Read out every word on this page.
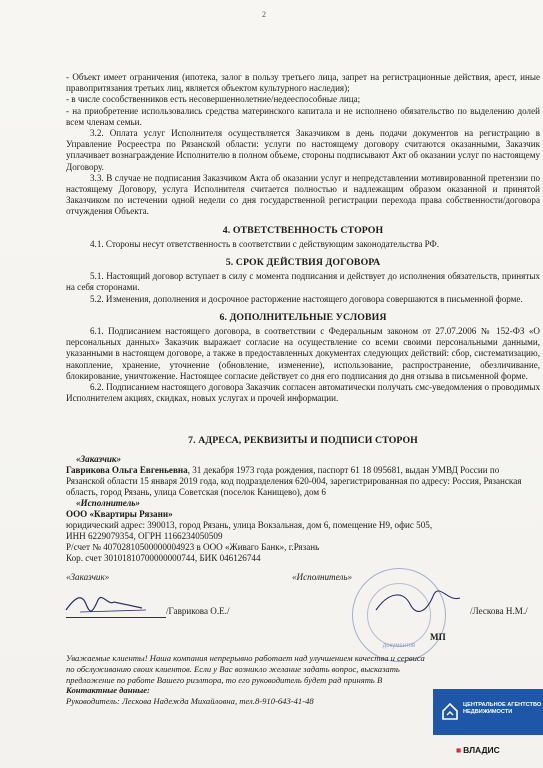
2

- Объект имеет ограничения (ипотека, залог в пользу третьего лица, запрет на регистрационные действия, арест, иные правопритязания третьих лиц, является объектом культурного наследия);

- в числе сособственников есть несовершеннолетние/недееспособные лица;

- на приобретение использовались средства материнского капитала и не исполнено обязательство по выделению долей всем членам семьи.

3.2. Оплата услуг Исполнителя осуществляется Заказчиком в день подачи документов на регистрацию в Управление Росреестра по Рязанской области: услуги по настоящему договору считаются оказанными, Заказчик уплачивает вознаграждение Исполнителю в полном объеме, стороны подписывают Акт об оказании услуг по настоящему Договору.

3.3. В случае не подписания Заказчиком Акта об оказании услуг и непредставлении мотивированной претензии по настоящему Договору, услуга Исполнителя считается полностью и надлежащим образом оказанной и принятой Заказчиком по истечении одной недели со дня государственной регистрации перехода права собственности/договора отчуждения Объекта.

4. ОТВЕТСТВЕННОСТЬ СТОРОН

4.1. Стороны несут ответственность в соответствии с действующим законодательства РФ.

5. СРОК ДЕЙСТВИЯ ДОГОВОРА

5.1. Настоящий договор вступает в силу с момента подписания и действует до исполнения обязательств, принятых на себя сторонами.

5.2. Изменения, дополнения и досрочное расторжение настоящего договора совершаются в письменной форме.

6. ДОПОЛНИТЕЛЬНЫЕ УСЛОВИЯ

6.1. Подписанием настоящего договора, в соответствии с Федеральным законом от 27.07.2006 № 152-ФЗ «О персональных данных» Заказчик выражает согласие на осуществление со всеми своими персональными данными, указанными в настоящем договоре, а также в предоставленных документах следующих действий: сбор, систематизацию, накопление, хранение, уточнение (обновление, изменение), использование, распространение, обезличивание, блокирование, уничтожение. Настоящее согласие действует со дня его подписания до дня отзыва в письменной форме.

6.2. Подписанием настоящего договора Заказчик согласен автоматически получать смс-уведомления о проводимых Исполнителем акциях, скидках, новых услугах и прочей информации.

7. АДРЕСА, РЕКВИЗИТЫ И ПОДПИСИ СТОРОН
«Заказчик»
Гаврикова Ольга Евгеньевна, 31 декабря 1973 года рождения, паспорт 61 18 095681, выдан УМВД России по Рязанской области 15 января 2019 года, код подразделения 620-004, зарегистрированная по адресу: Россия, Рязанская область, город Рязань, улица Советская (поселок Канищево), дом 6
«Исполнитель»
ООО «Квартиры Рязани»
юридический адрес: 390013, город Рязань, улица Вокзальная, дом 6, помещение Н9, офис 505,
ИНН 6229079354, ОГРН 1166234050509
Р/счет № 40702810500000004923 в ООО «Живаго Банк», г.Рязань
Кор. счет 30101810700000000744, БИК 046126744
«Заказчик»	«Исполнитель»
/Гаврикова О.Е./
документов
/Лескова Н.М./
МП
Уважаемые клиенты! Наша компания непрерывно работает над улучшением качества и сервиса по обслуживанию своих клиентов. Если у Вас возникло желание задать вопрос, высказать предложение по работе Вашего риэлтора, то его руководитель будет рад принять В
Контактные данные:
Руководитель: Лескова Надежда Михайловна, тел.8-910-643-41-48	ЦЕНТРАЛЬНОЕ АГЕНТСТВО НЕДВИЖИМОСТИ
■ ВЛАДИС
